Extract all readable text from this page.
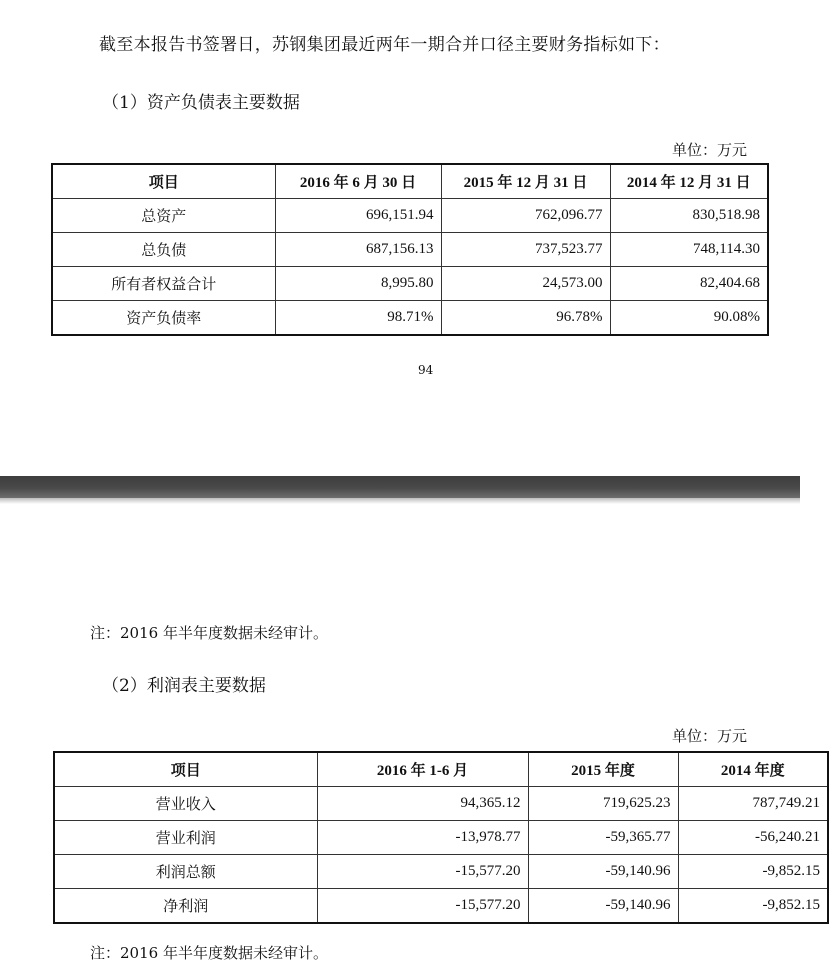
截至本报告书签署日，苏钢集团最近两年一期合并口径主要财务指标如下：
（1）资产负债表主要数据
单位：万元
项目	2016 年 6 月 30 日	2015 年 12 月 31 日	2014 年 12 月 31 日
总资产	696,151.94	762,096.77	830,518.98
总负债	687,156.13	737,523.77	748,114.30
所有者权益合计	8,995.80	24,573.00	82,404.68
资产负债率	98.71%	96.78%	90.08%
94
注：2016 年半年度数据未经审计。
（2）利润表主要数据
单位：万元
项目	2016 年 1-6 月	2015 年度	2014 年度
营业收入	94,365.12	719,625.23	787,749.21
营业利润	-13,978.77	-59,365.77	-56,240.21
利润总额	-15,577.20	-59,140.96	-9,852.15
净利润	-15,577.20	-59,140.96	-9,852.15
注：2016 年半年度数据未经审计。
